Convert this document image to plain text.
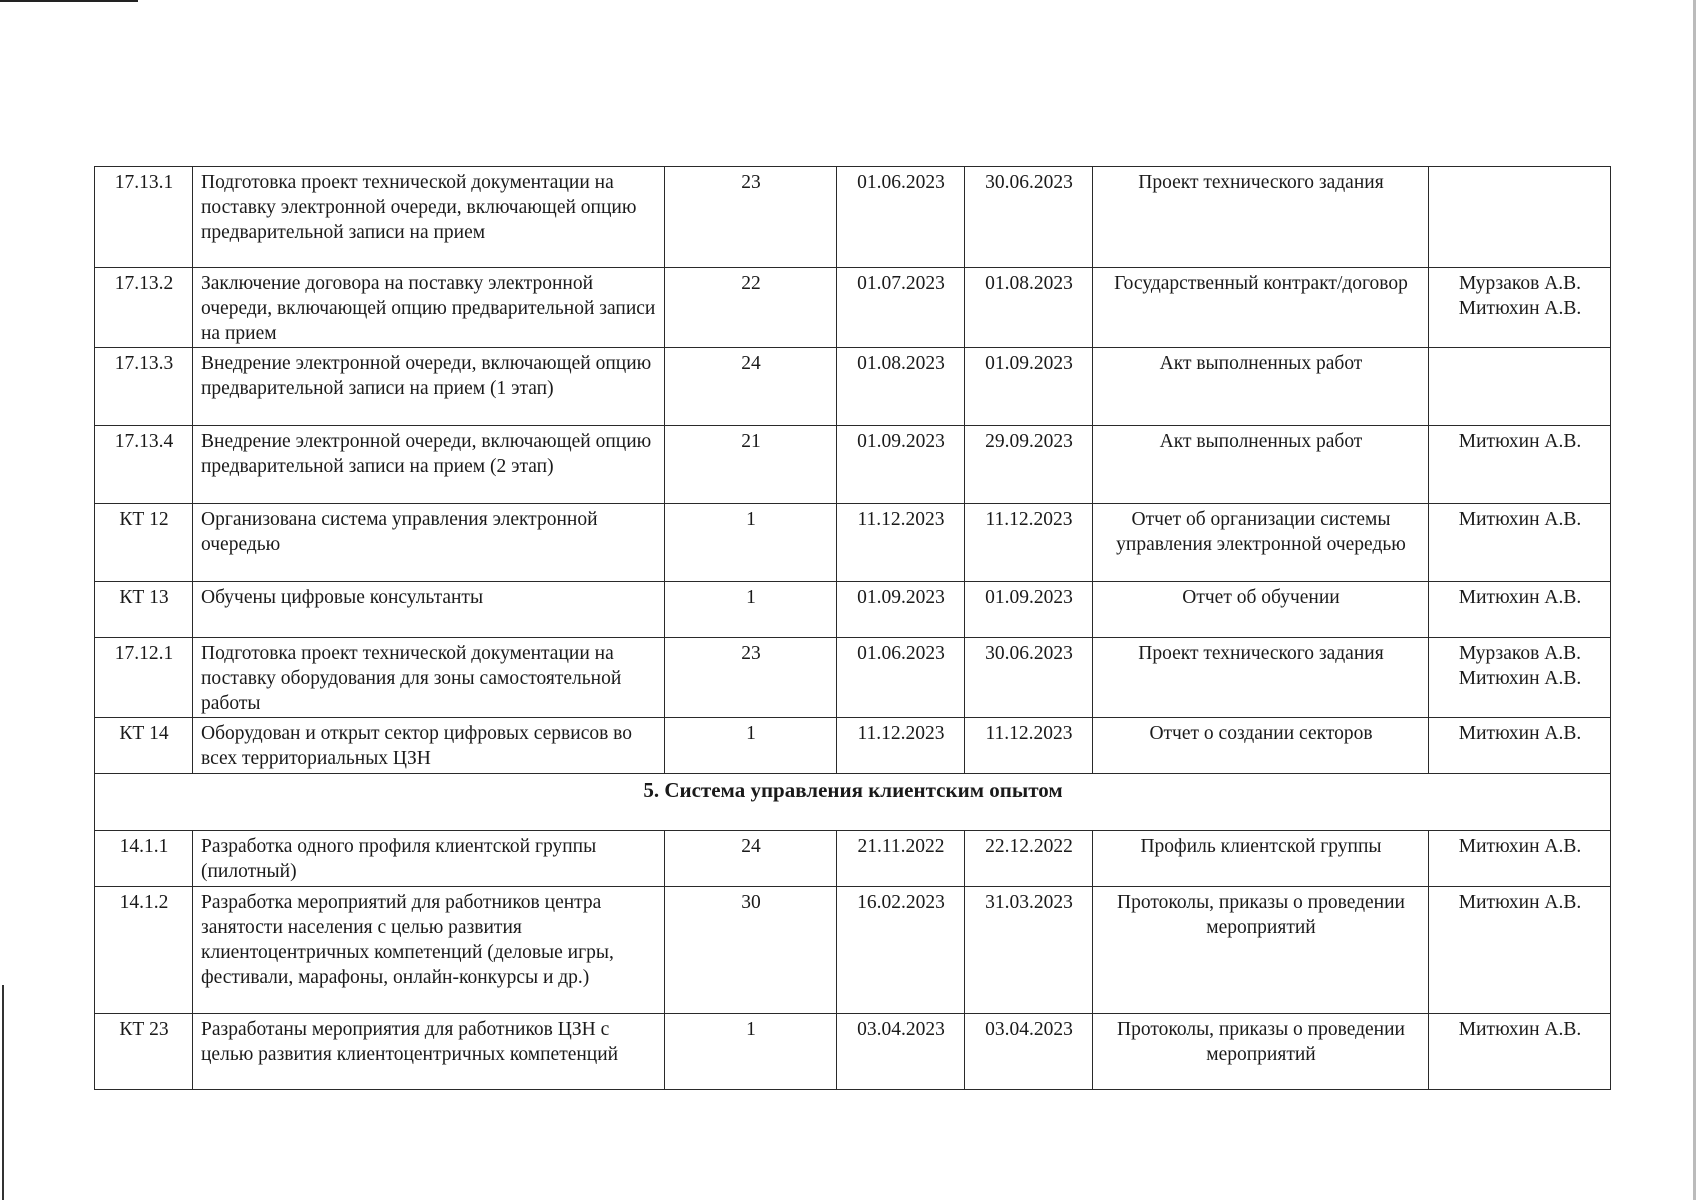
17.13.1	Подготовка проект технической документации на поставку электронной очереди, включающей опцию предварительной записи на прием	23	01.06.2023	30.06.2023	Проект технического задания	
17.13.2	Заключение договора на поставку электронной очереди, включающей опцию предварительной записи на прием	22	01.07.2023	01.08.2023	Государственный контракт/договор	Мурзаков А.В.
Митюхин А.В.

17.13.3	Внедрение электронной очереди, включающей опцию предварительной записи на прием (1 этап)	24	01.08.2023	01.09.2023	Акт выполненных работ	
17.13.4	Внедрение электронной очереди, включающей опцию предварительной записи на прием (2 этап)	21	01.09.2023	29.09.2023	Акт выполненных работ	Митюхин А.В.

КТ 12	Организована система управления электронной очередью	1	11.12.2023	11.12.2023	Отчет об организации системы управления электронной очередью	Митюхин А.В.

КТ 13	Обучены цифровые консультанты	1	01.09.2023	01.09.2023	Отчет об обучении	Митюхин А.В.

17.12.1	Подготовка проект технической документации на поставку оборудования для зоны самостоятельной работы	23	01.06.2023	30.06.2023	Проект технического задания	Мурзаков А.В.
Митюхин А.В.

КТ 14	Оборудован и открыт сектор цифровых сервисов во всех территориальных ЦЗН	1	11.12.2023	11.12.2023	Отчет о создании секторов	Митюхин А.В.

5. Система управления клиентским опытом						
14.1.1	Разработка одного профиля клиентской группы (пилотный)	24	21.11.2022	22.12.2022	Профиль клиентской группы	Митюхин А.В.

14.1.2	Разработка мероприятий для работников центра занятости населения с целью развития клиентоцентричных компетенций (деловые игры, фестивали, марафоны, онлайн-конкурсы и др.)	30	16.02.2023	31.03.2023	Протоколы, приказы о проведении мероприятий	Митюхин А.В.

КТ 23	Разработаны мероприятия для работников ЦЗН с целью развития клиентоцентричных компетенций	1	03.04.2023	03.04.2023	Протоколы, приказы о проведении мероприятий	Митюхин А.В.
